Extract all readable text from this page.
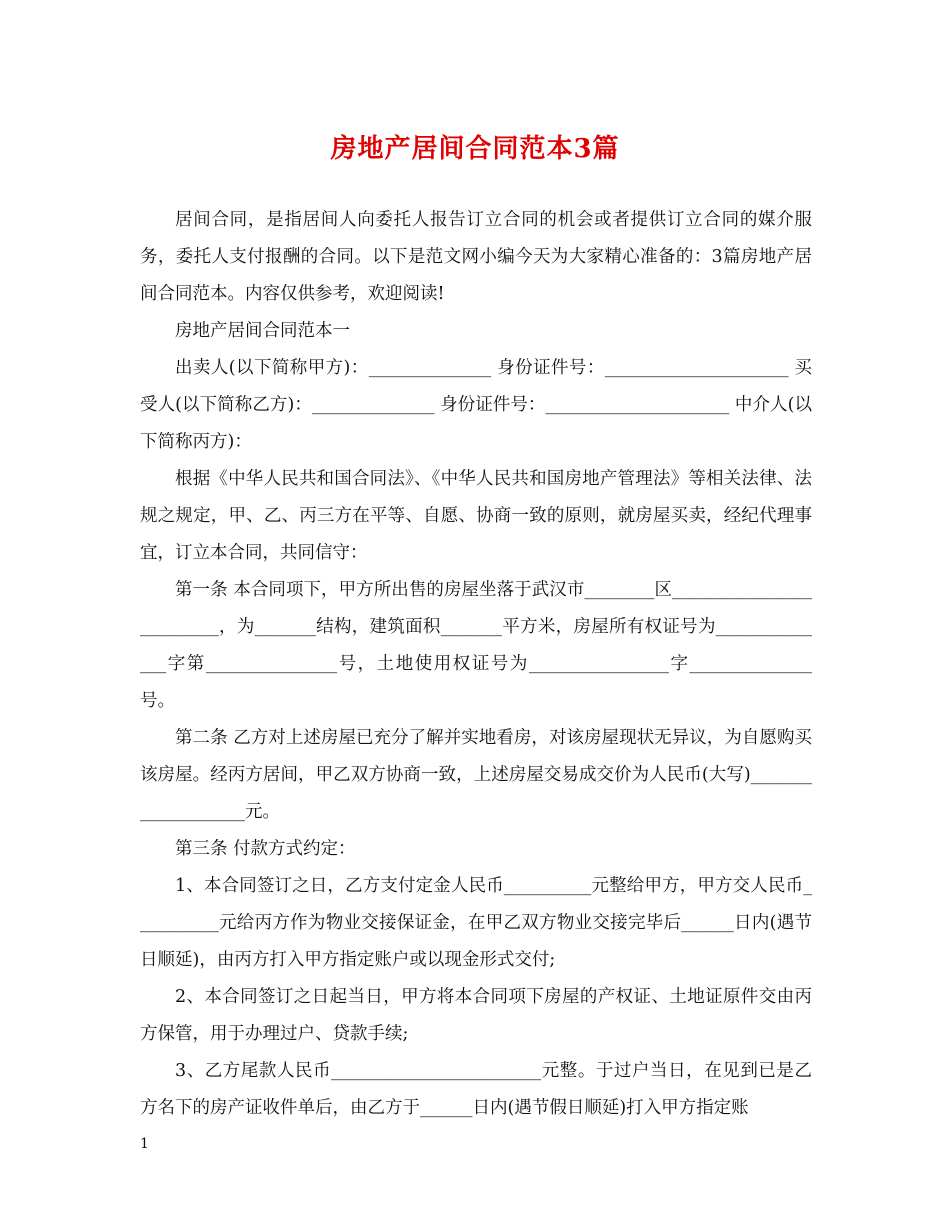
房地产居间合同范本3篇

居间合同，是指居间人向委托人报告订立合同的机会或者提供订立合同的媒介服务，委托人支付报酬的合同。以下是范文网小编今天为大家精心准备的：3篇房地产居间合同范本。内容仅供参考，欢迎阅读!

房地产居间合同范本一

出卖人(以下简称甲方)：______________ 身份证件号：_____________________ 买受人(以下简称乙方)：______________ 身份证件号：_____________________ 中介人(以下简称丙方)：

根据《中华人民共和国合同法》、《中华人民共和国房地产管理法》等相关法律、法规之规定，甲、乙、丙三方在平等、自愿、协商一致的原则，就房屋买卖，经纪代理事宜，订立本合同，共同信守：

第一条 本合同项下，甲方所出售的房屋坐落于武汉市________区_________________________，为_______结构，建筑面积_______平方米，房屋所有权证号为______________字第_______________号，土地使用权证号为________________字______________号。

第二条 乙方对上述房屋已充分了解并实地看房，对该房屋现状无异议，为自愿购买该房屋。经丙方居间，甲乙双方协商一致，上述房屋交易成交价为人民币(大写)___________________元。

第三条 付款方式约定：

1、本合同签订之日，乙方支付定金人民币__________元整给甲方，甲方交人民币__________元给丙方作为物业交接保证金，在甲乙双方物业交接完毕后______日内(遇节日顺延)，由丙方打入甲方指定账户或以现金形式交付;

2、本合同签订之日起当日，甲方将本合同项下房屋的产权证、土地证原件交由丙方保管，用于办理过户、贷款手续;

3、乙方尾款人民币________________________元整。于过户当日，在见到已是乙方名下的房产证收件单后，由乙方于______日内(遇节假日顺延)打入甲方指定账

1
